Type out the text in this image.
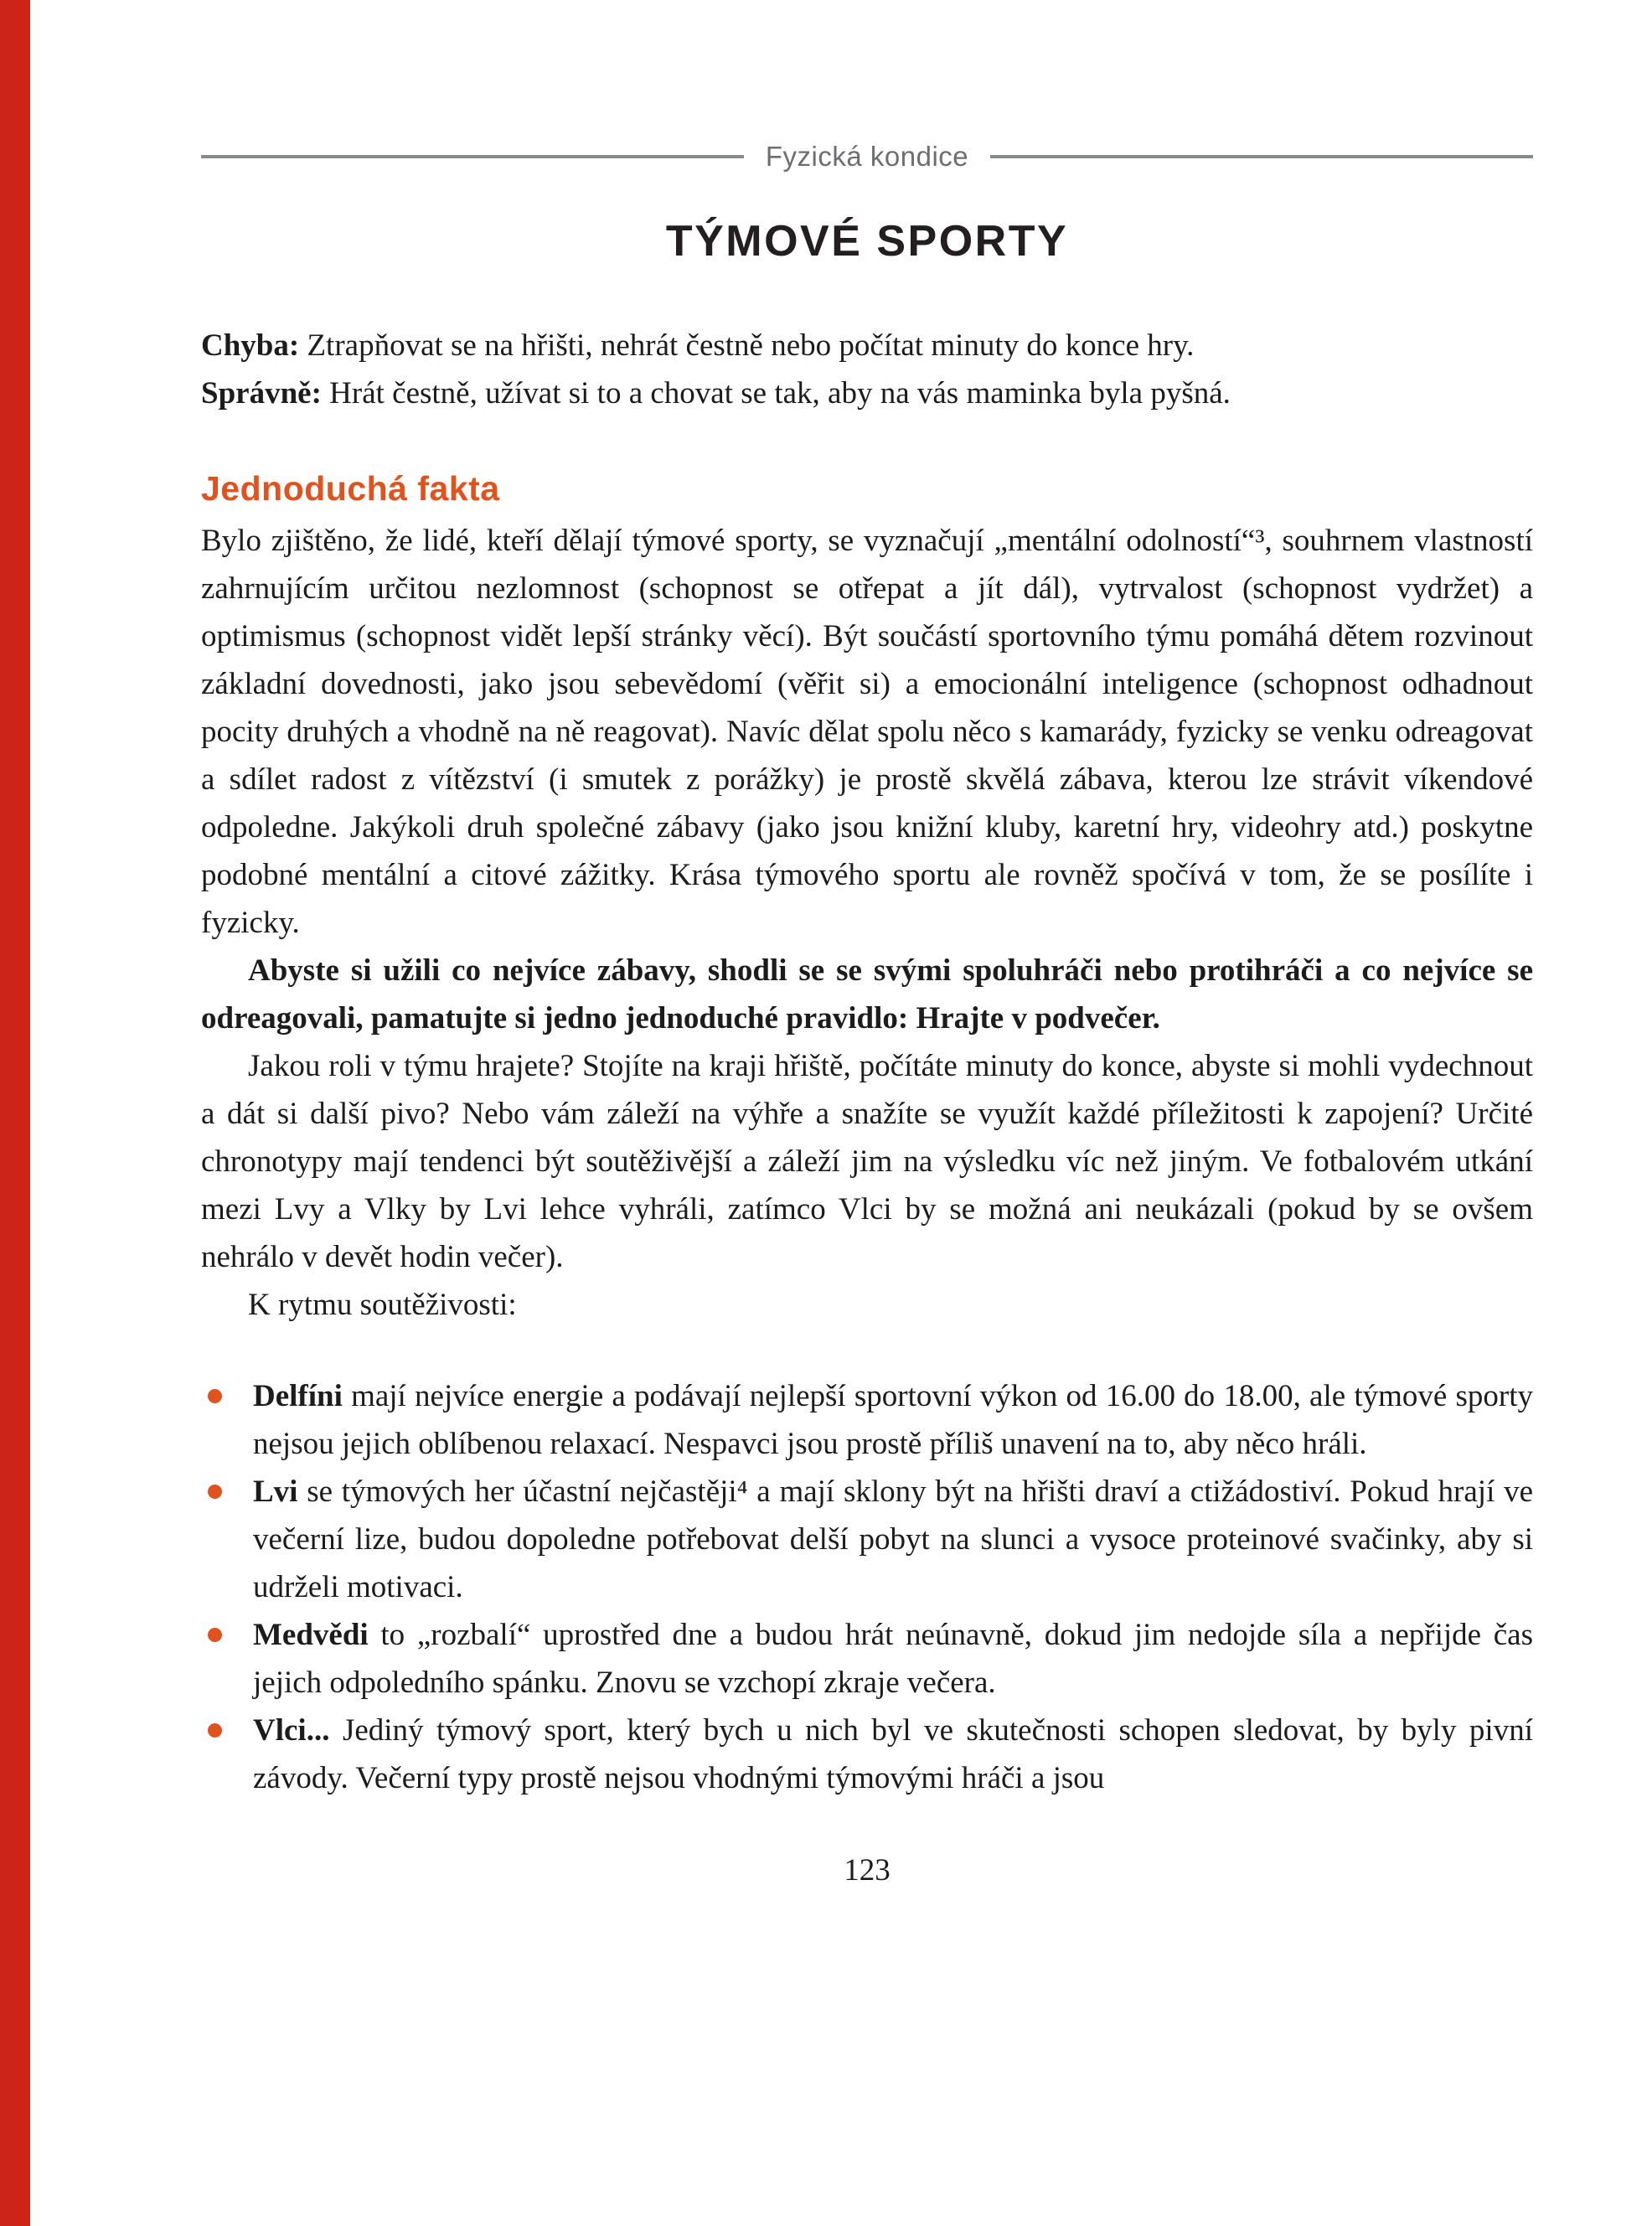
Fyzická kondice
TÝMOVÉ SPORTY

Chyba: Ztrapňovat se na hřišti, nehrát čestně nebo počítat minuty do konce hry.
Správně: Hrát čestně, užívat si to a chovat se tak, aby na vás maminka byla pyšná.

Jednoduchá fakta

Bylo zjištěno, že lidé, kteří dělají týmové sporty, se vyznačují „mentální odolností“³, souhrnem vlastností zahrnujícím určitou nezlomnost (schopnost se otřepat a jít dál), vytrvalost (schopnost vydržet) a optimismus (schopnost vidět lepší stránky věcí). Být součástí sportovního týmu pomáhá dětem rozvinout základní dovednosti, jako jsou sebevědomí (věřit si) a emocionální inteligence (schopnost odhadnout pocity druhých a vhodně na ně reagovat). Navíc dělat spolu něco s kamarády, fyzicky se venku odreagovat a sdílet radost z vítězství (i smutek z porážky) je prostě skvělá zábava, kterou lze strávit víkendové odpoledne. Jakýkoli druh společné zábavy (jako jsou knižní kluby, karetní hry, videohry atd.) poskytne podobné mentální a citové zážitky. Krása týmového sportu ale rovněž spočívá v tom, že se posílíte i fyzicky.

Abyste si užili co nejvíce zábavy, shodli se se svými spoluhráči nebo protihráči a co nejvíce se odreagovali, pamatujte si jedno jednoduché pravidlo: Hrajte v podvečer.

Jakou roli v týmu hrajete? Stojíte na kraji hřiště, počítáte minuty do konce, abyste si mohli vydechnout a dát si další pivo? Nebo vám záleží na výhře a snažíte se využít každé příležitosti k zapojení? Určité chronotypy mají tendenci být soutěživější a záleží jim na výsledku víc než jiným. Ve fotbalovém utkání mezi Lvy a Vlky by Lvi lehce vyhráli, zatímco Vlci by se možná ani neukázali (pokud by se ovšem nehrálo v devět hodin večer).

K rytmu soutěživosti:

Delfíni mají nejvíce energie a podávají nejlepší sportovní výkon od 16.00 do 18.00, ale týmové sporty nejsou jejich oblíbenou relaxací. Nespavci jsou prostě příliš unavení na to, aby něco hráli.
Lvi se týmových her účastní nejčastěji⁴ a mají sklony být na hřišti draví a ctižádostiví. Pokud hrají ve večerní lize, budou dopoledne potřebovat delší pobyt na slunci a vysoce proteinové svačinky, aby si udrželi motivaci.
Medvědi to „rozbalí“ uprostřed dne a budou hrát neúnavně, dokud jim nedojde síla a nepřijde čas jejich odpoledního spánku. Znovu se vzchopí zkraje večera.
Vlci... Jediný týmový sport, který bych u nich byl ve skutečnosti schopen sledovat, by byly pivní závody. Večerní typy prostě nejsou vhodnými týmovými hráči a jsou
123
